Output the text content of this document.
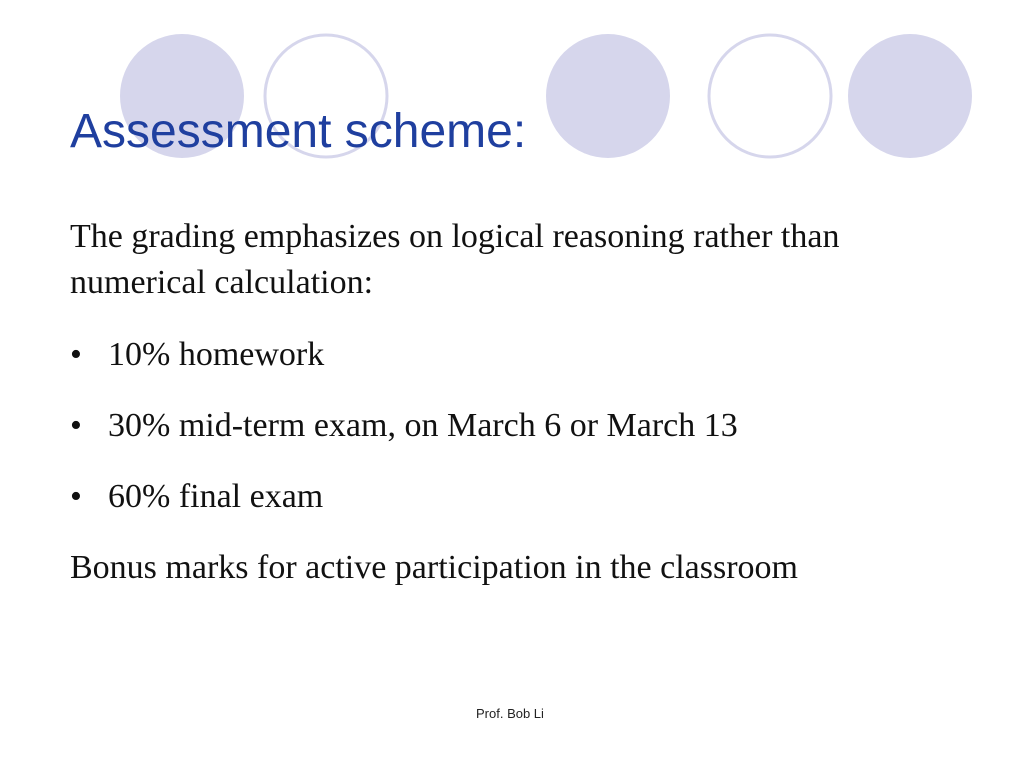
Assessment scheme:

The grading emphasizes on logical reasoning rather than numerical calculation:

• 10% homework
• 30% mid-term exam, on March 6 or March 13
• 60% final exam

Bonus marks for active participation in the classroom

Prof. Bob Li
